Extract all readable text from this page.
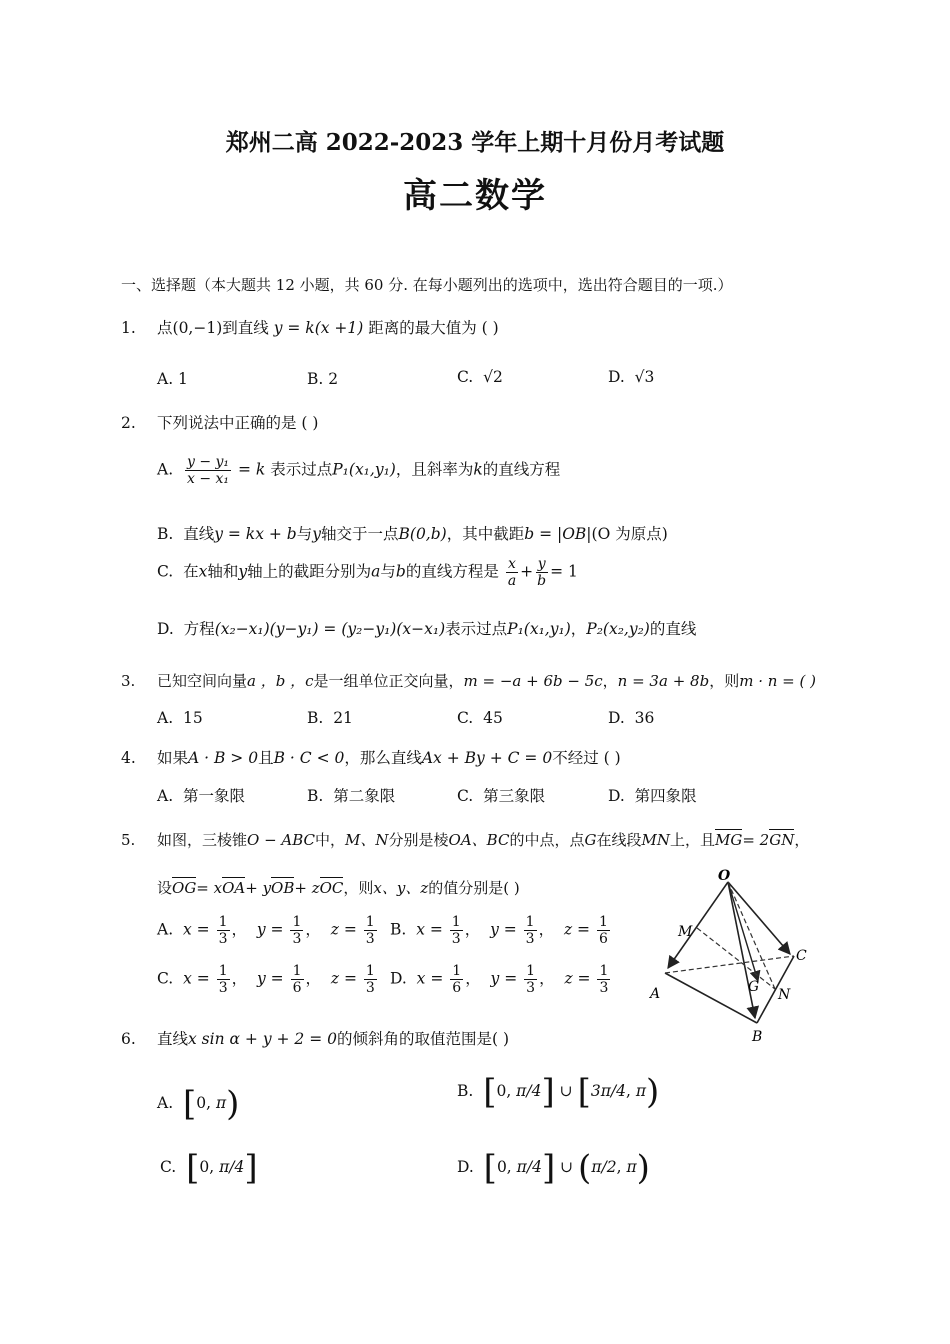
郑州二高 2022-2023 学年上期十月份月考试题
高二数学
一、选择题（本大题共 12 小题，共 60 分. 在每小题列出的选项中，选出符合题目的一项.）
1. 点(0,−1)到直线 y = k(x +1) 距离的最大值为 ( )
A. 1	B. 2	C. √2	D. √3
2. 下列说法中正确的是 ( )
A. $\frac{\text{y − y₁}}{\text{x − x₁}} = k$ 表示过点P₁(x₁,y₁)，且斜率为k的直线方程
B. 直线y = kx + b与y轴交于一点B(0,b)，其中截距b = |OB|(O 为原点)
C. 在x轴和y轴上的截距分别为a与b的直线方程是 $\frac{x}{a} + \frac{y}{b} = 1$
D. 方程(x₂−x₁)(y−y₁) = (y₂−y₁)(x−x₁)表示过点P₁(x₁,y₁)，P₂(x₂,y₂)的直线
3. 已知空间向量a ，b ，c是一组单位正交向量，m = −a + 6b − 5c，n = 3a + 8b，则m · n = ( )
A. 15	B. 21	C. 45	D. 36
4. 如果A · B > 0且B · C < 0，那么直线Ax + By + C = 0不经过 ( )
A. 第一象限	B. 第二象限	C. 第三象限	D. 第四象限
5. 如图，三棱锥O − ABC中，M、N分别是棱OA、BC的中点，点G在线段MN上，且MG= 2GN，
设OG= xOA+ yOB+ zOC，则x、y、z的值分别是( )
A. $x = \frac{1}{3}$ ，  $y = \frac{1}{3}$ ，  $z = \frac{1}{3} B$. $x = \frac{1}{3}$ ，  $y = \frac{1}{3}$ ，  $z = \frac{1}{6}$
C. $x = \frac{1}{3}$ ，  $y = \frac{1}{6}$ ，  $z = \frac{1}{3} D$. $x = \frac{1}{6}$ ，  $y = \frac{1}{3}$ ，  $z = \frac{1}{3}$
O
M
A
C
G N
B
6. 直线x sin α + y + 2 = 0的倾斜角的取值范围是( )
A. [0, π)	B. [0, π/4] ∪ [3π/4, π)
C. [0, π/4]	D. [0, π/4] ∪ (π/2, π)
